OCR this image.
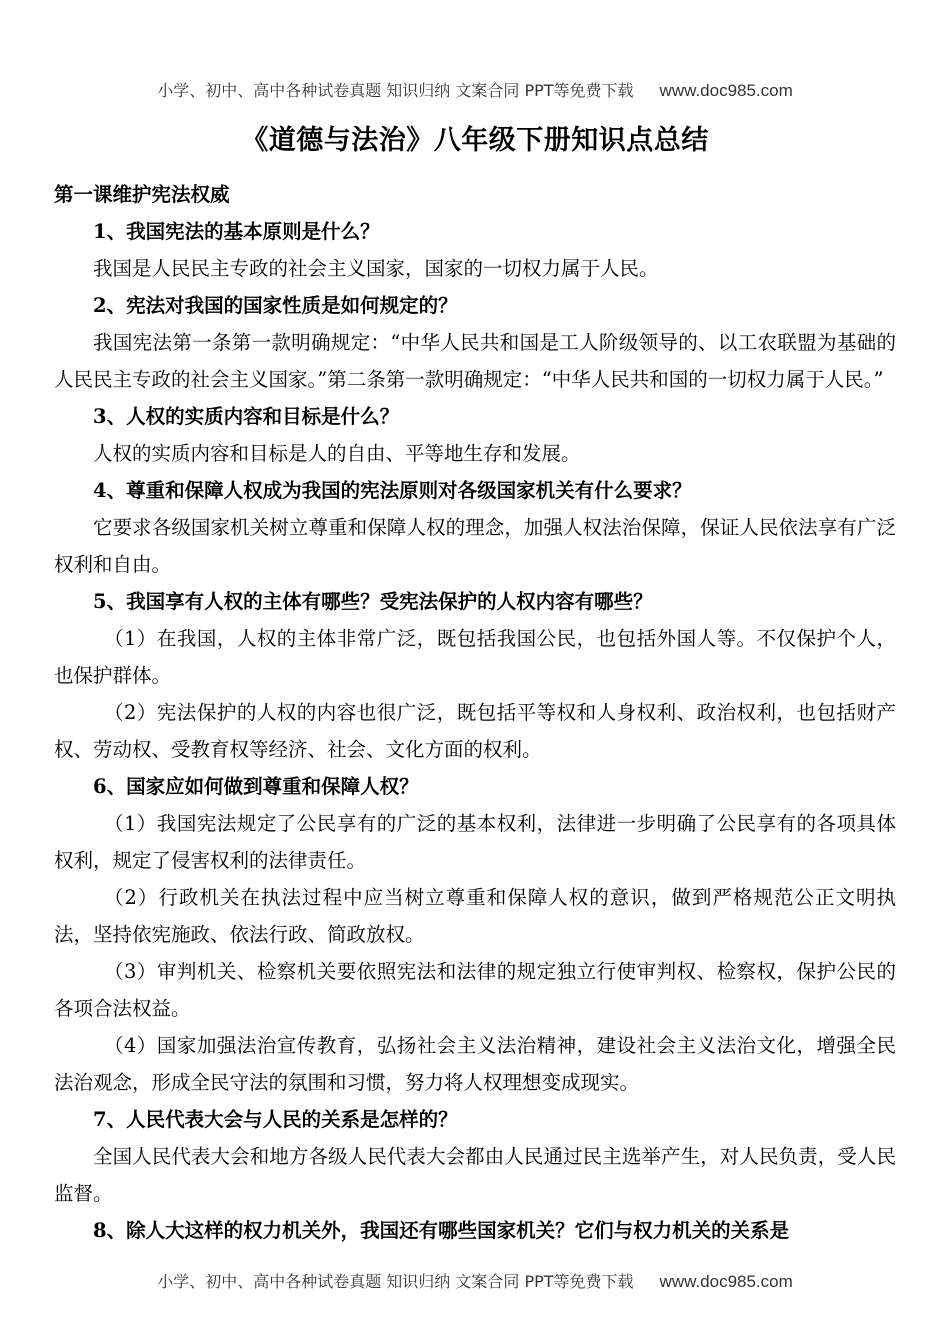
小学、初中、高中各种试卷真题 知识归纳 文案合同 PPT等免费下载 www.doc985.com
《道德与法治》八年级下册知识点总结

第一课维护宪法权威

1、我国宪法的基本原则是什么？

我国是人民民主专政的社会主义国家，国家的一切权力属于人民。

2、宪法对我国的国家性质是如何规定的？

我国宪法第一条第一款明确规定：“中华人民共和国是工人阶级领导的、以工农联盟为基础的人民民主专政的社会主义国家。”第二条第一款明确规定：“中华人民共和国的一切权力属于人民。”

3、人权的实质内容和目标是什么？

人权的实质内容和目标是人的自由、平等地生存和发展。

4、尊重和保障人权成为我国的宪法原则对各级国家机关有什么要求？

它要求各级国家机关树立尊重和保障人权的理念，加强人权法治保障，保证人民依法享有广泛权利和自由。

5、我国享有人权的主体有哪些？受宪法保护的人权内容有哪些？

（1）在我国，人权的主体非常广泛，既包括我国公民，也包括外国人等。不仅保护个人，也保护群体。

（2）宪法保护的人权的内容也很广泛，既包括平等权和人身权利、政治权利，也包括财产权、劳动权、受教育权等经济、社会、文化方面的权利。

6、国家应如何做到尊重和保障人权？

（1）我国宪法规定了公民享有的广泛的基本权利，法律进一步明确了公民享有的各项具体权利，规定了侵害权利的法律责任。

（2）行政机关在执法过程中应当树立尊重和保障人权的意识，做到严格规范公正文明执法，坚持依宪施政、依法行政、简政放权。

（3）审判机关、检察机关要依照宪法和法律的规定独立行使审判权、检察权，保护公民的各项合法权益。

（4）国家加强法治宣传教育，弘扬社会主义法治精神，建设社会主义法治文化，增强全民法治观念，形成全民守法的氛围和习惯，努力将人权理想变成现实。

7、人民代表大会与人民的关系是怎样的？

全国人民代表大会和地方各级人民代表大会都由人民通过民主选举产生，对人民负责，受人民监督。

8、除人大这样的权力机关外，我国还有哪些国家机关？它们与权力机关的关系是

小学、初中、高中各种试卷真题 知识归纳 文案合同 PPT等免费下载 www.doc985.com
